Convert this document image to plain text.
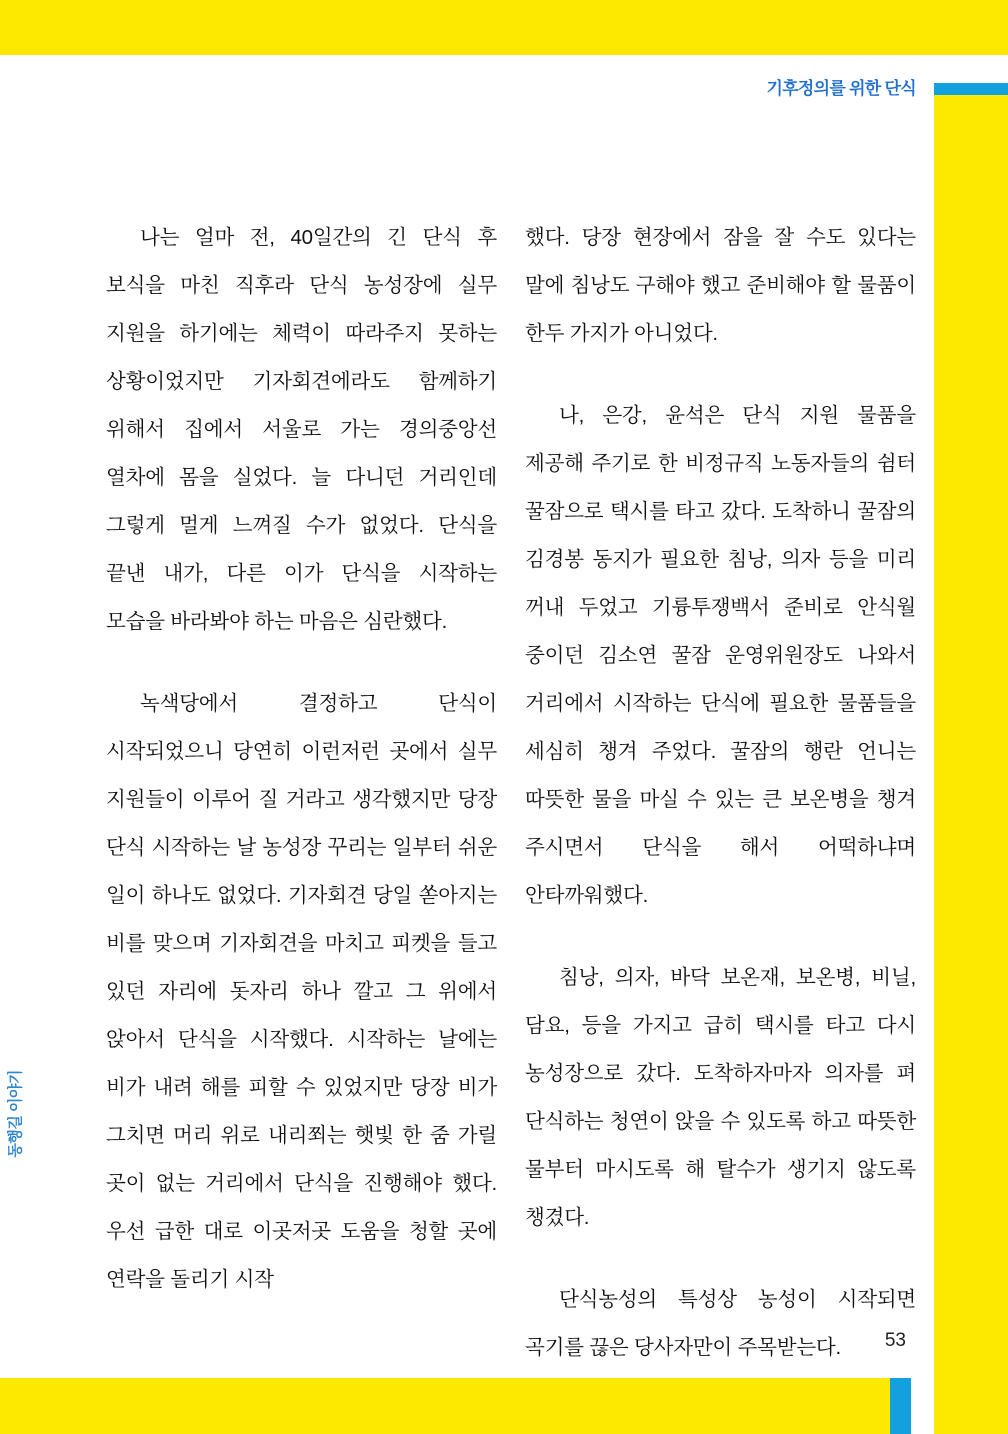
기후정의를 위한 단식
동행길 이야기

나는 얼마 전, 40일간의 긴 단식 후 보식을 마친 직후라 단식 농성장에 실무 지원을 하기에는 체력이 따라주지 못하는 상황이었지만 기자회견에라도 함께하기 위해서 집에서 서울로 가는 경의중앙선 열차에 몸을 실었다. 늘 다니던 거리인데 그렇게 멀게 느껴질 수가 없었다. 단식을 끝낸 내가, 다른 이가 단식을 시작하는 모습을 바라봐야 하는 마음은 심란했다.

녹색당에서 결정하고 단식이 시작되었으니 당연히 이런저런 곳에서 실무 지원들이 이루어 질 거라고 생각했지만 당장 단식 시작하는 날 농성장 꾸리는 일부터 쉬운 일이 하나도 없었다. 기자회견 당일 쏟아지는 비를 맞으며 기자회견을 마치고 피켓을 들고 있던 자리에 돗자리 하나 깔고 그 위에서 앉아서 단식을 시작했다. 시작하는 날에는 비가 내려 해를 피할 수 있었지만 당장 비가 그치면 머리 위로 내리쬐는 햇빛 한 줌 가릴 곳이 없는 거리에서 단식을 진행해야 했다. 우선 급한 대로 이곳저곳 도움을 청할 곳에 연락을 돌리기 시작

했다. 당장 현장에서 잠을 잘 수도 있다는 말에 침낭도 구해야 했고 준비해야 할 물품이 한두 가지가 아니었다.

나, 은강, 윤석은 단식 지원 물품을 제공해 주기로 한 비정규직 노동자들의 쉼터 꿀잠으로 택시를 타고 갔다. 도착하니 꿀잠의 김경봉 동지가 필요한 침낭, 의자 등을 미리 꺼내 두었고 기륭투쟁백서 준비로 안식월 중이던 김소연 꿀잠 운영위원장도 나와서 거리에서 시작하는 단식에 필요한 물품들을 세심히 챙겨 주었다. 꿀잠의 행란 언니는 따뜻한 물을 마실 수 있는 큰 보온병을 챙겨 주시면서 단식을 해서 어떡하냐며 안타까워했다.

침낭, 의자, 바닥 보온재, 보온병, 비닐, 담요, 등을 가지고 급히 택시를 타고 다시 농성장으로 갔다. 도착하자마자 의자를 펴 단식하는 청연이 앉을 수 있도록 하고 따뜻한 물부터 마시도록 해 탈수가 생기지 않도록 챙겼다.

단식농성의 특성상 농성이 시작되면 곡기를 끊은 당사자만이 주목받는다.	53
